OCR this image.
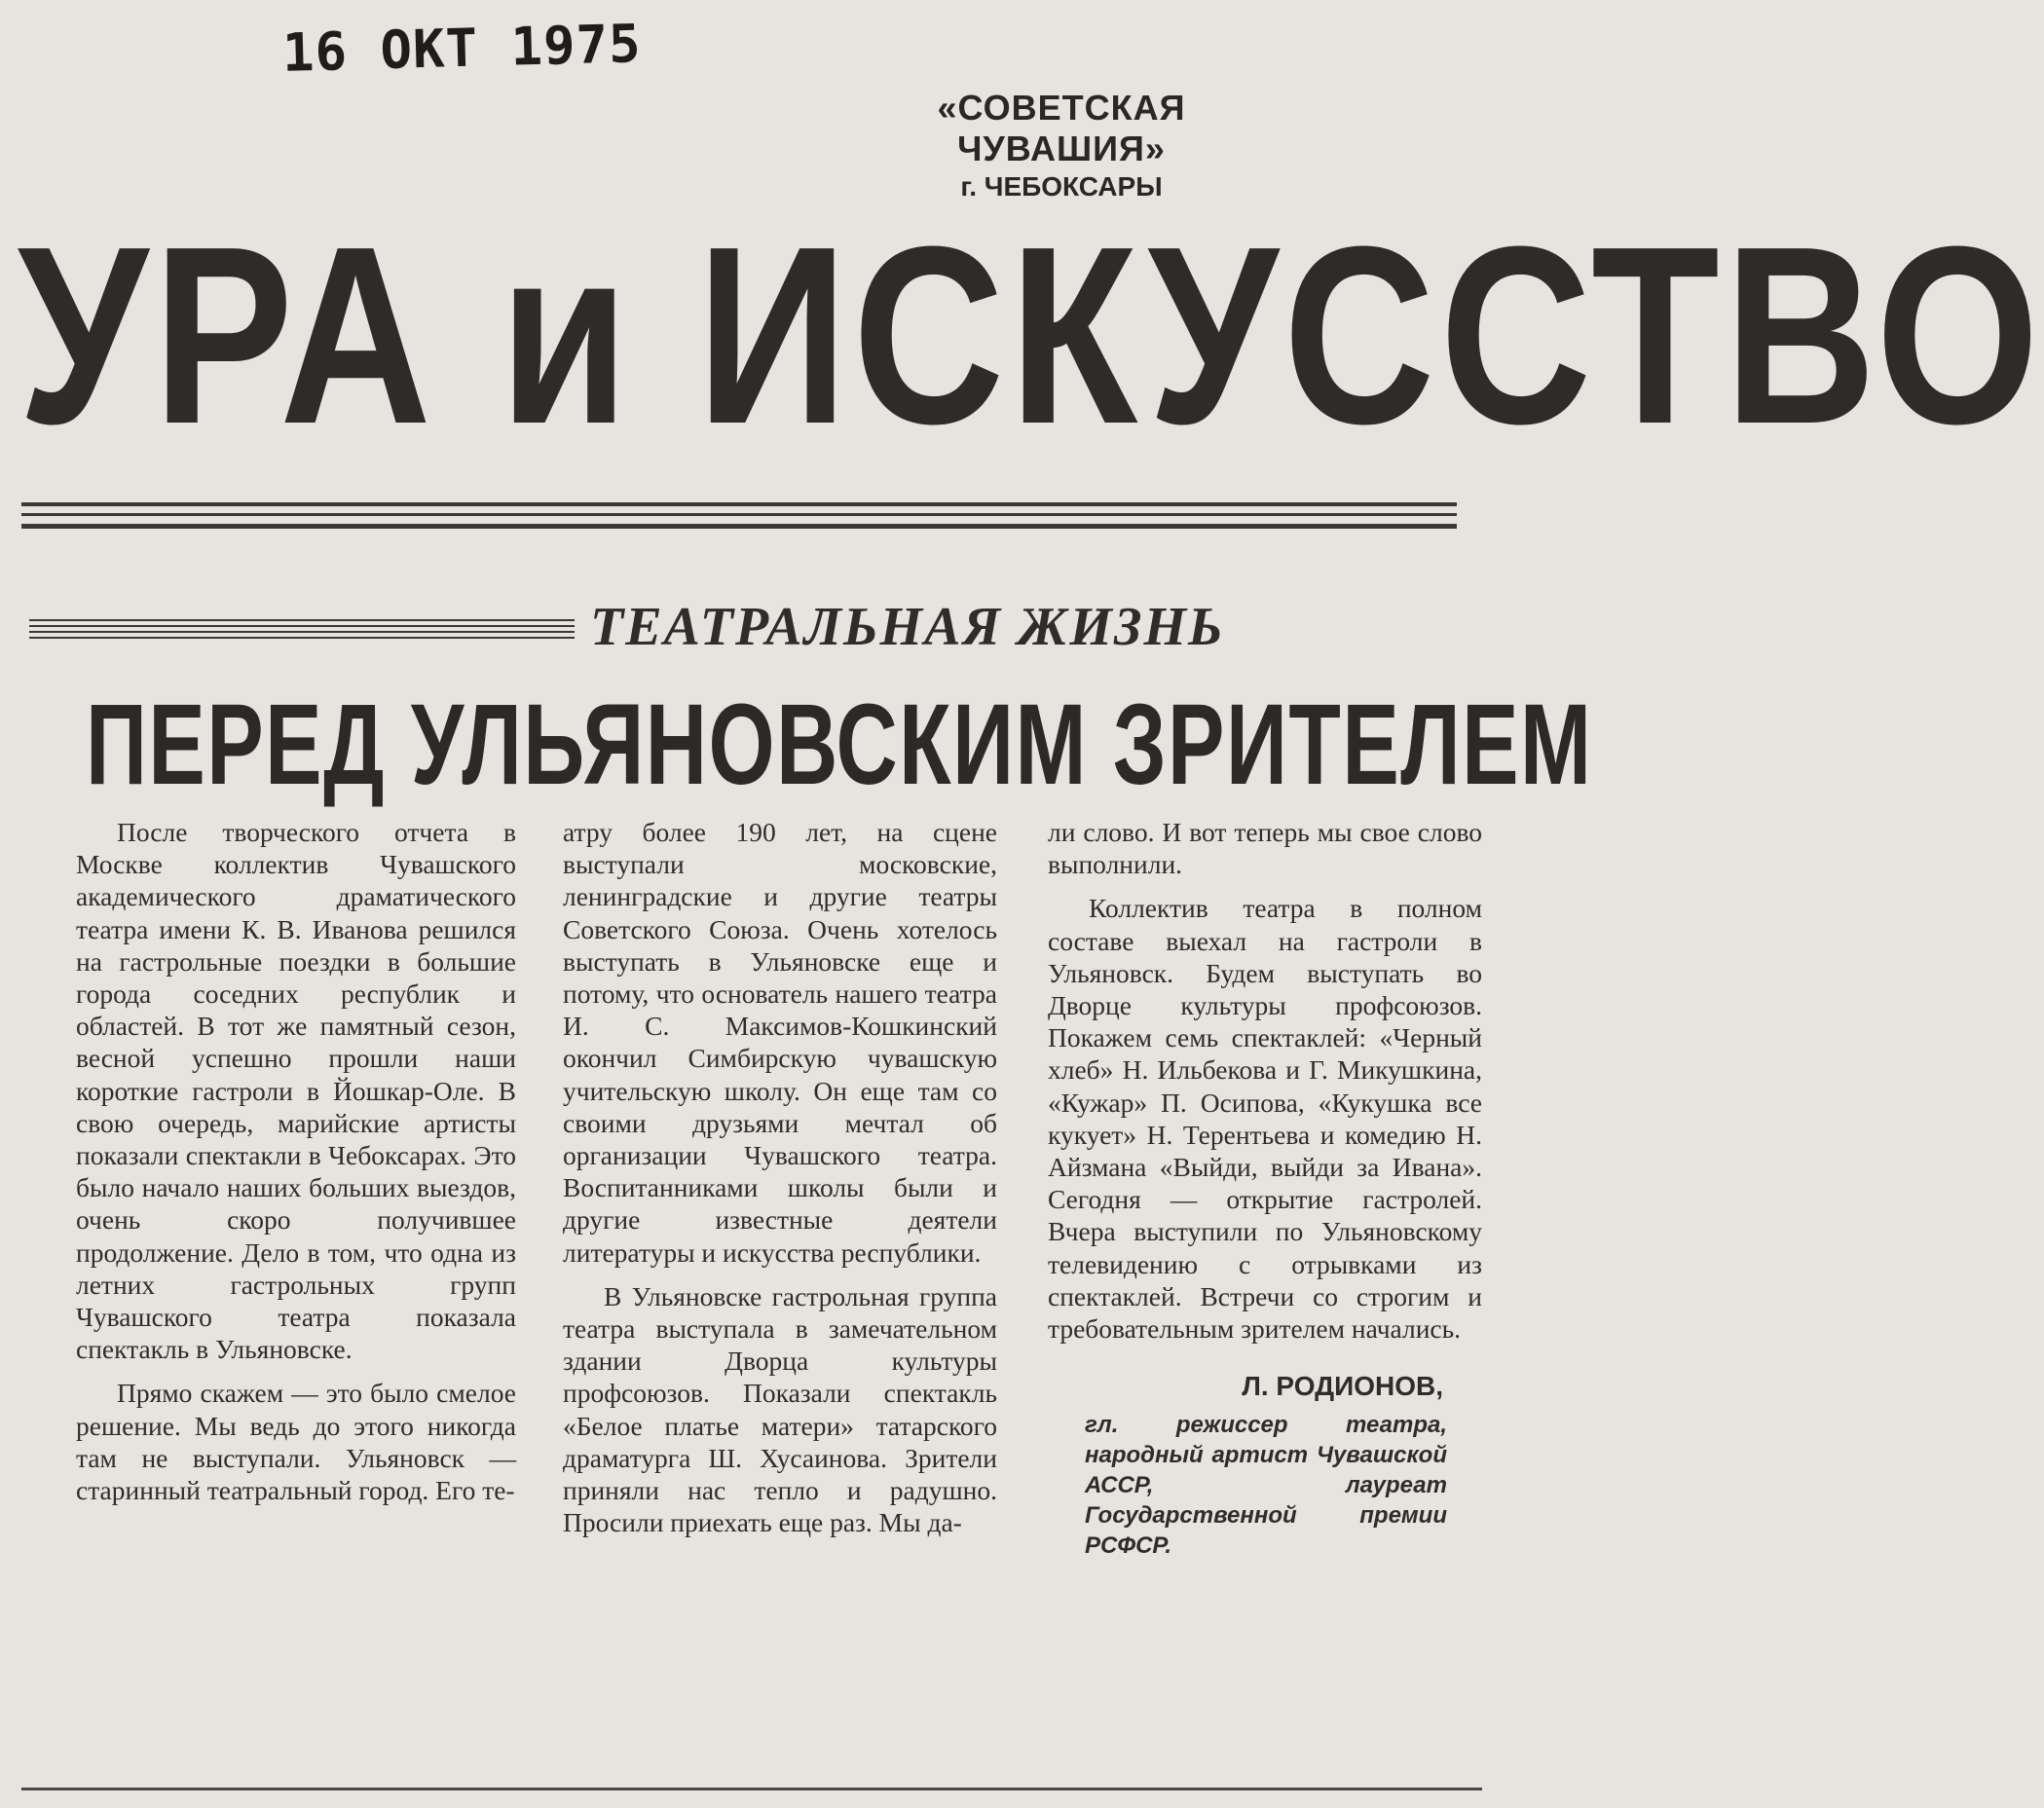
16 ОКТ 1975
«СОВЕТСКАЯ ЧУВАШИЯ»
г. ЧЕБОКСАРЫ
УРА и ИСКУССТВО
ТЕАТРАЛЬНАЯ ЖИЗНЬ
ПЕРЕД УЛЬЯНОВСКИМ ЗРИТЕЛЕМ

После творческого отчета в Москве коллектив Чувашского академического драматического театра имени К. В. Иванова решился на гастрольные поездки в большие города соседних республик и областей. В тот же памятный сезон, весной успешно прошли наши короткие гастроли в Йошкар-Оле. В свою очередь, марийские артисты показали спектакли в Чебоксарах. Это было начало наших больших выездов, очень скоро получившее продолжение. Дело в том, что одна из летних гастрольных групп Чувашского театра показала спектакль в Ульяновске.

Прямо скажем — это было смелое решение. Мы ведь до этого никогда там не выступали. Ульяновск — старинный театральный город. Его те-

атру более 190 лет, на сцене выступали московские, ленинградские и другие театры Советского Союза. Очень хотелось выступать в Ульяновске еще и потому, что основатель нашего театра И. С. Максимов-Кошкинский окончил Симбирскую чувашскую учительскую школу. Он еще там со своими друзьями мечтал об организации Чувашского театра. Воспитанниками школы были и другие известные деятели литературы и искусства республики.

В Ульяновске гастрольная группа театра выступала в замечательном здании Дворца культуры профсоюзов. Показали спектакль «Белое платье матери» татарского драматурга Ш. Хусаинова. Зрители приняли нас тепло и радушно. Просили приехать еще раз. Мы да-

ли слово. И вот теперь мы свое слово выполнили.

Коллектив театра в полном составе выехал на гастроли в Ульяновск. Будем выступать во Дворце культуры профсоюзов. Покажем семь спектаклей: «Черный хлеб» Н. Ильбекова и Г. Микушкина, «Кужар» П. Осипова, «Кукушка все кукует» Н. Терентьева и комедию Н. Айзмана «Выйди, выйди за Ивана». Сегодня — открытие гастролей. Вчера выступили по Ульяновскому телевидению с отрывками из спектаклей. Встречи со строгим и требовательным зрителем начались.

Л. РОДИОНОВ,
гл. режиссер театра, народный артист Чувашской АССР, лауреат Государственной премии РСФСР.
